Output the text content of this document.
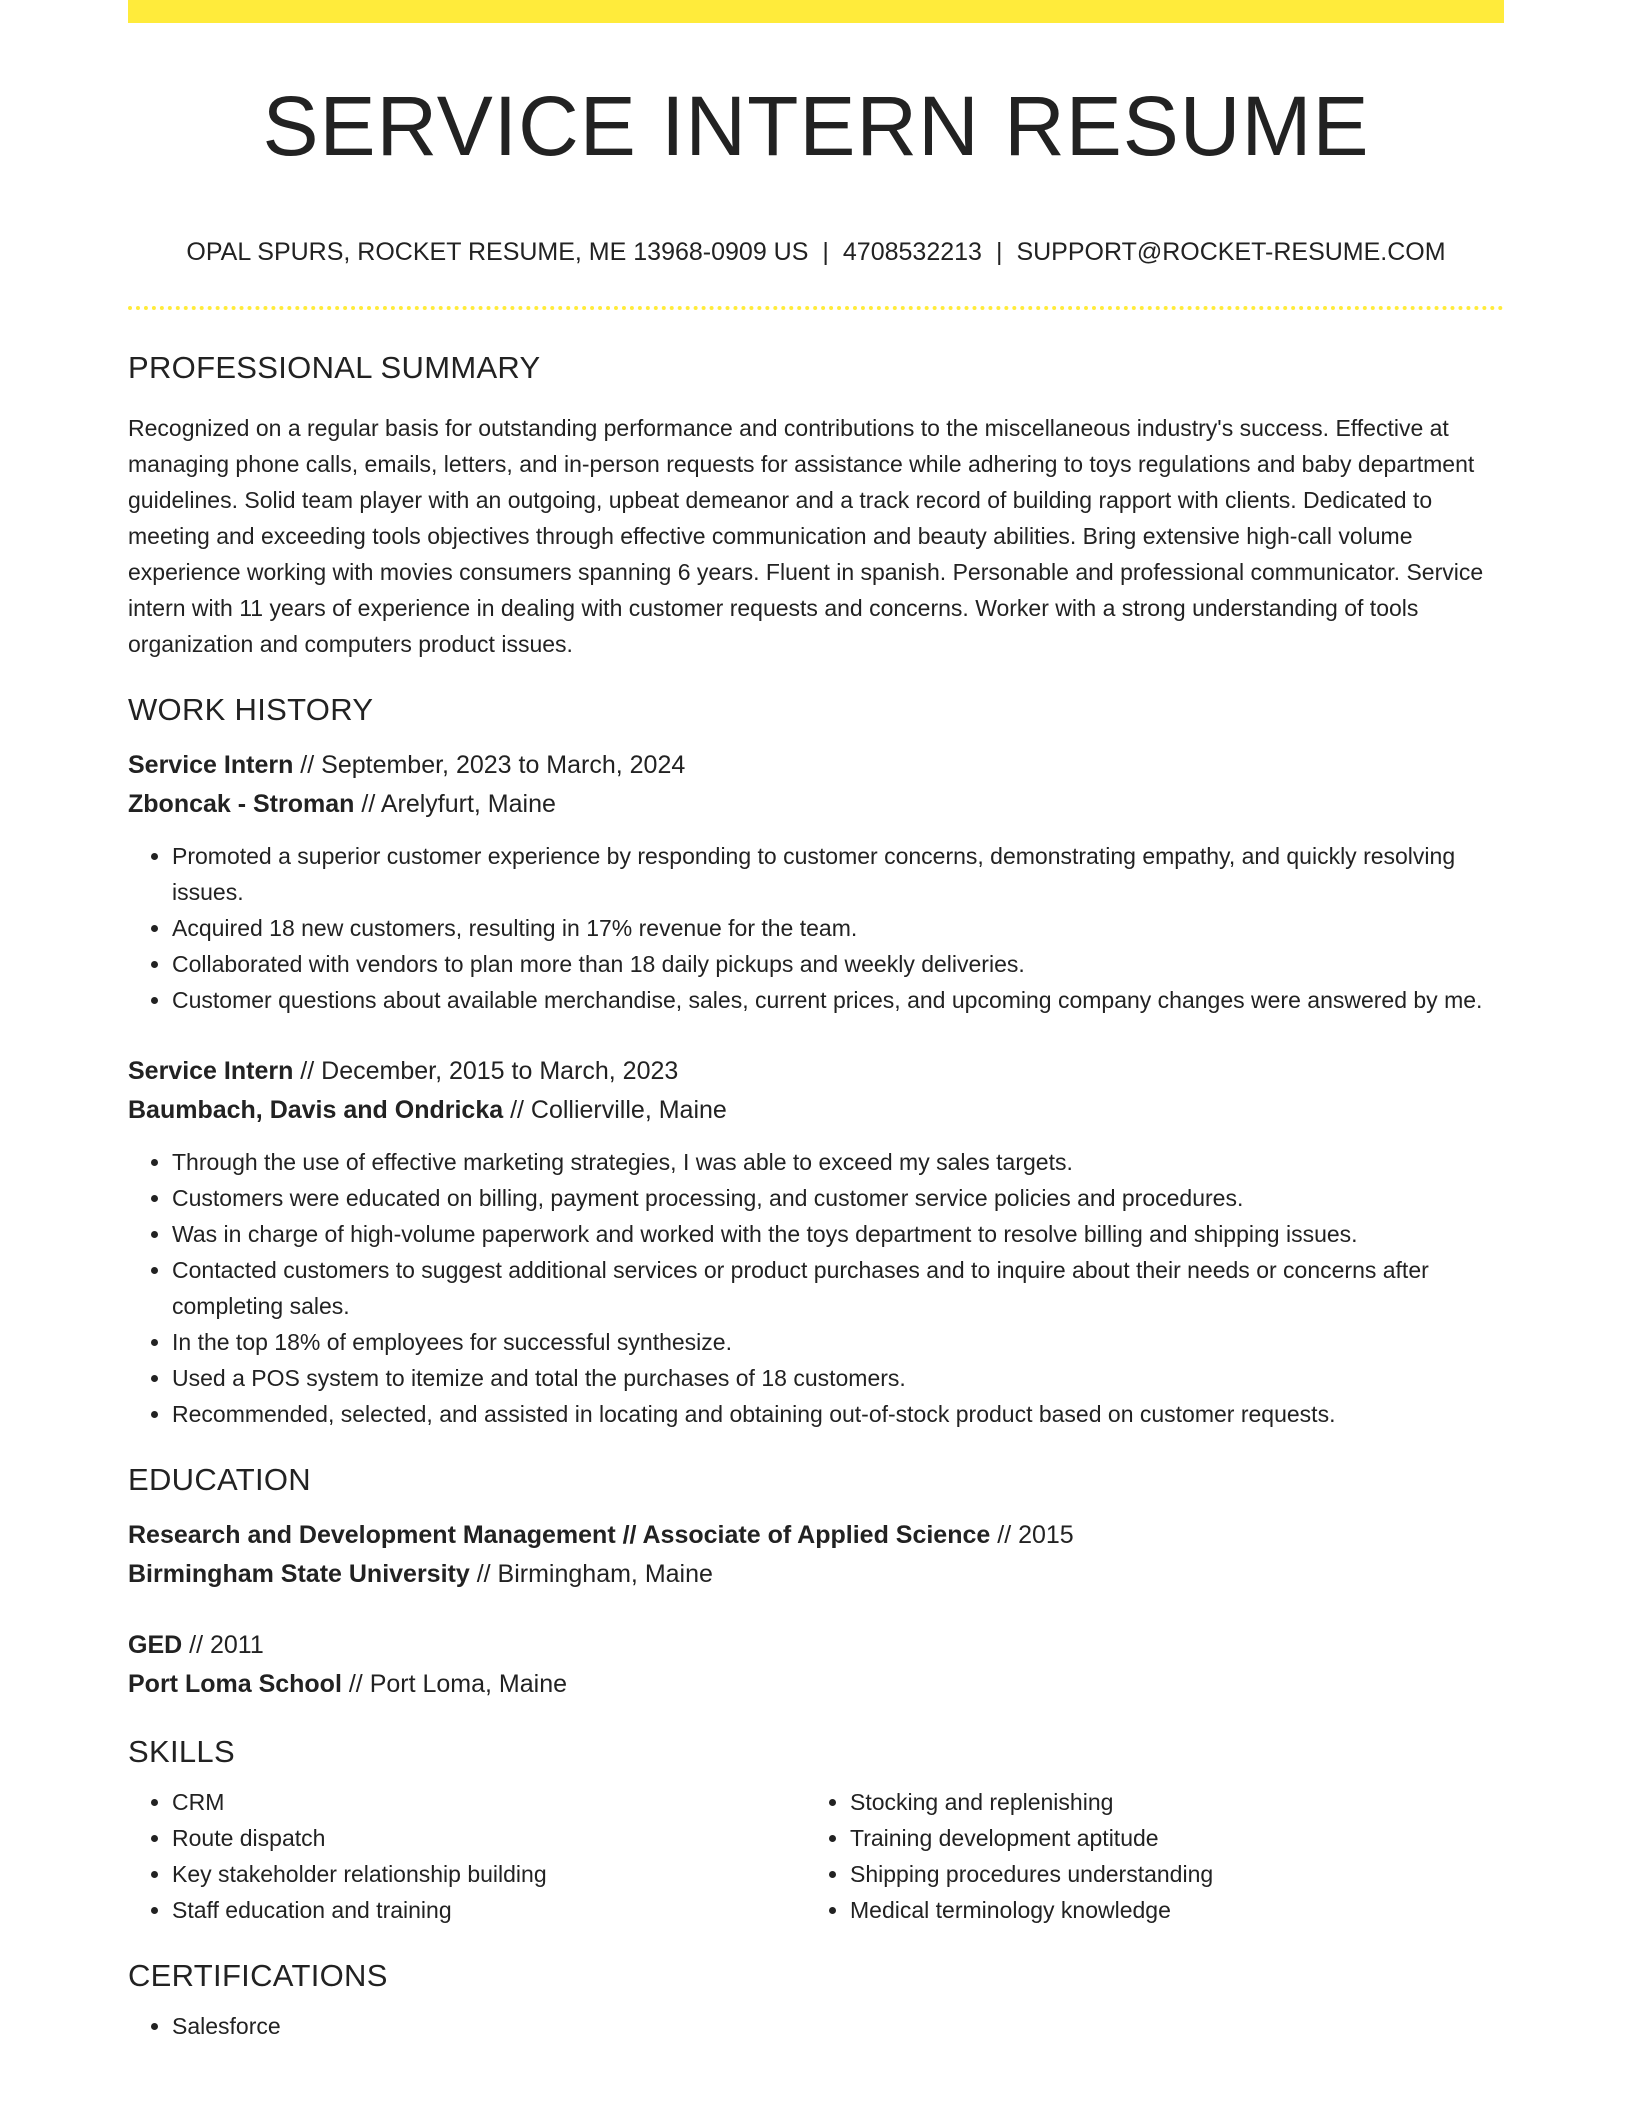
SERVICE INTERN RESUME
OPAL SPURS, ROCKET RESUME, ME 13968-0909 US | 4708532213 | SUPPORT@ROCKET-RESUME.COM
PROFESSIONAL SUMMARY

Recognized on a regular basis for outstanding performance and contributions to the miscellaneous industry's success. Effective at managing phone calls, emails, letters, and in-person requests for assistance while adhering to toys regulations and baby department guidelines. Solid team player with an outgoing, upbeat demeanor and a track record of building rapport with clients. Dedicated to meeting and exceeding tools objectives through effective communication and beauty abilities. Bring extensive high-call volume experience working with movies consumers spanning 6 years. Fluent in spanish. Personable and professional communicator. Service intern with 11 years of experience in dealing with customer requests and concerns. Worker with a strong understanding of tools organization and computers product issues.

WORK HISTORY
Service Intern // September, 2023 to March, 2024
Zboncak - Stroman // Arelyfurt, Maine
• Promoted a superior customer experience by responding to customer concerns, demonstrating empathy, and quickly resolving issues.
• Acquired 18 new customers, resulting in 17% revenue for the team.
• Collaborated with vendors to plan more than 18 daily pickups and weekly deliveries.
• Customer questions about available merchandise, sales, current prices, and upcoming company changes were answered by me.
Service Intern // December, 2015 to March, 2023
Baumbach, Davis and Ondricka // Collierville, Maine
• Through the use of effective marketing strategies, I was able to exceed my sales targets.
• Customers were educated on billing, payment processing, and customer service policies and procedures.
• Was in charge of high-volume paperwork and worked with the toys department to resolve billing and shipping issues.
• Contacted customers to suggest additional services or product purchases and to inquire about their needs or concerns after completing sales.
• In the top 18% of employees for successful synthesize.
• Used a POS system to itemize and total the purchases of 18 customers.
• Recommended, selected, and assisted in locating and obtaining out-of-stock product based on customer requests.
EDUCATION
Research and Development Management // Associate of Applied Science // 2015
Birmingham State University // Birmingham, Maine
GED // 2011
Port Loma School // Port Loma, Maine
SKILLS
• CRM
• Route dispatch
• Key stakeholder relationship building
• Staff education and training
• Stocking and replenishing
• Training development aptitude
• Shipping procedures understanding
• Medical terminology knowledge
CERTIFICATIONS
• Salesforce
